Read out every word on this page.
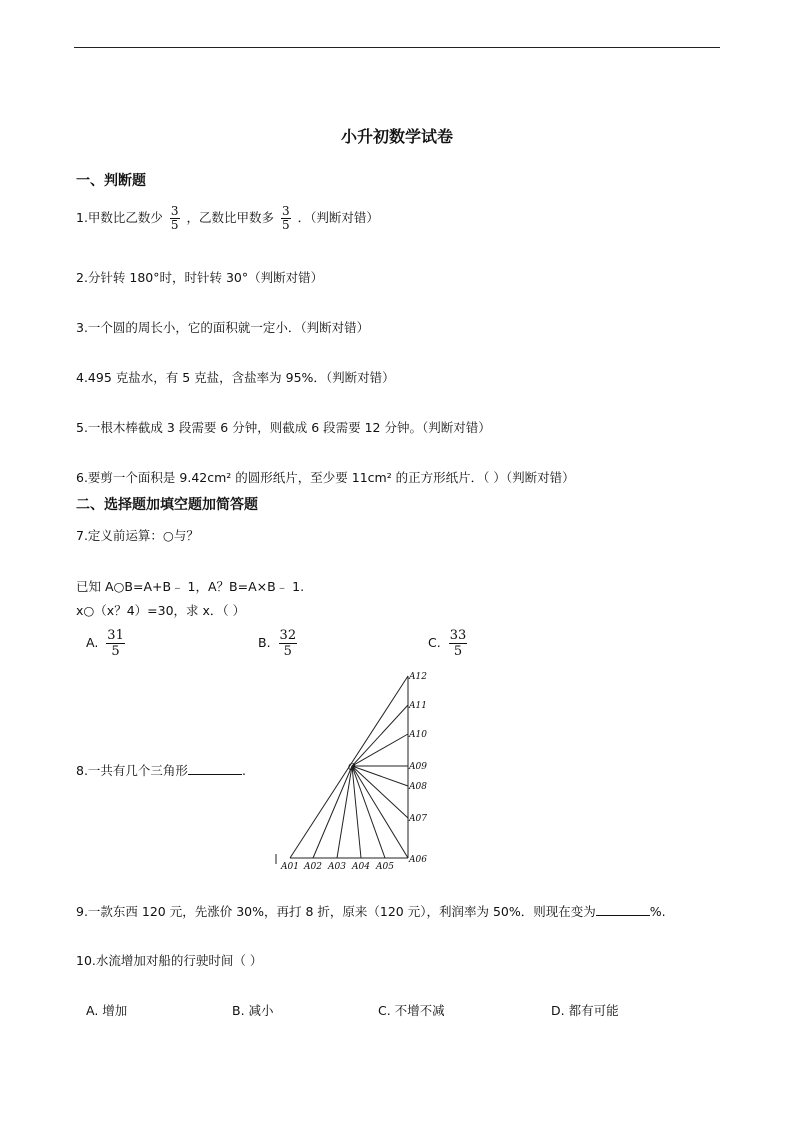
小升初数学试卷
一、判断题
1.甲数比乙数少 $\frac{3}{5}$ ，乙数比甲数多 $\frac{3}{5}$ ．（判断对错）
2.分针转 180°时，时针转 30°（判断对错）
3.一个圆的周长小，它的面积就一定小．（判断对错）
4.495 克盐水，有 5 克盐，含盐率为 95%．（判断对错）
5.一根木棒截成 3 段需要 6 分钟，则截成 6 段需要 12 分钟。（判断对错）
6.要剪一个面积是 9.42cm² 的圆形纸片，至少要 11cm² 的正方形纸片．（ ）（判断对错）
二、选择题加填空题加简答题
7.定义前运算：○与？
已知 A○B=A+B﹣ 1，A？B=A×B﹣ 1.
x○（x？4）=30，求 x．（ ）
A. $\frac{31}{5}$	B. $\frac{32}{5}$	C. $\frac{33}{5}$
8.一共有几个三角形	.	O
A12
A11
A10
A09
A08
A07
A06
A01 A02 A03 A04 A05
9.一款东西 120 元，先涨价 30%，再打 8 折，原来（120 元），利润率为 50%．则现在变为	%.
10.水流增加对船的行驶时间（ ）
A. 增加	B. 减小	C. 不增不减	D. 都有可能
